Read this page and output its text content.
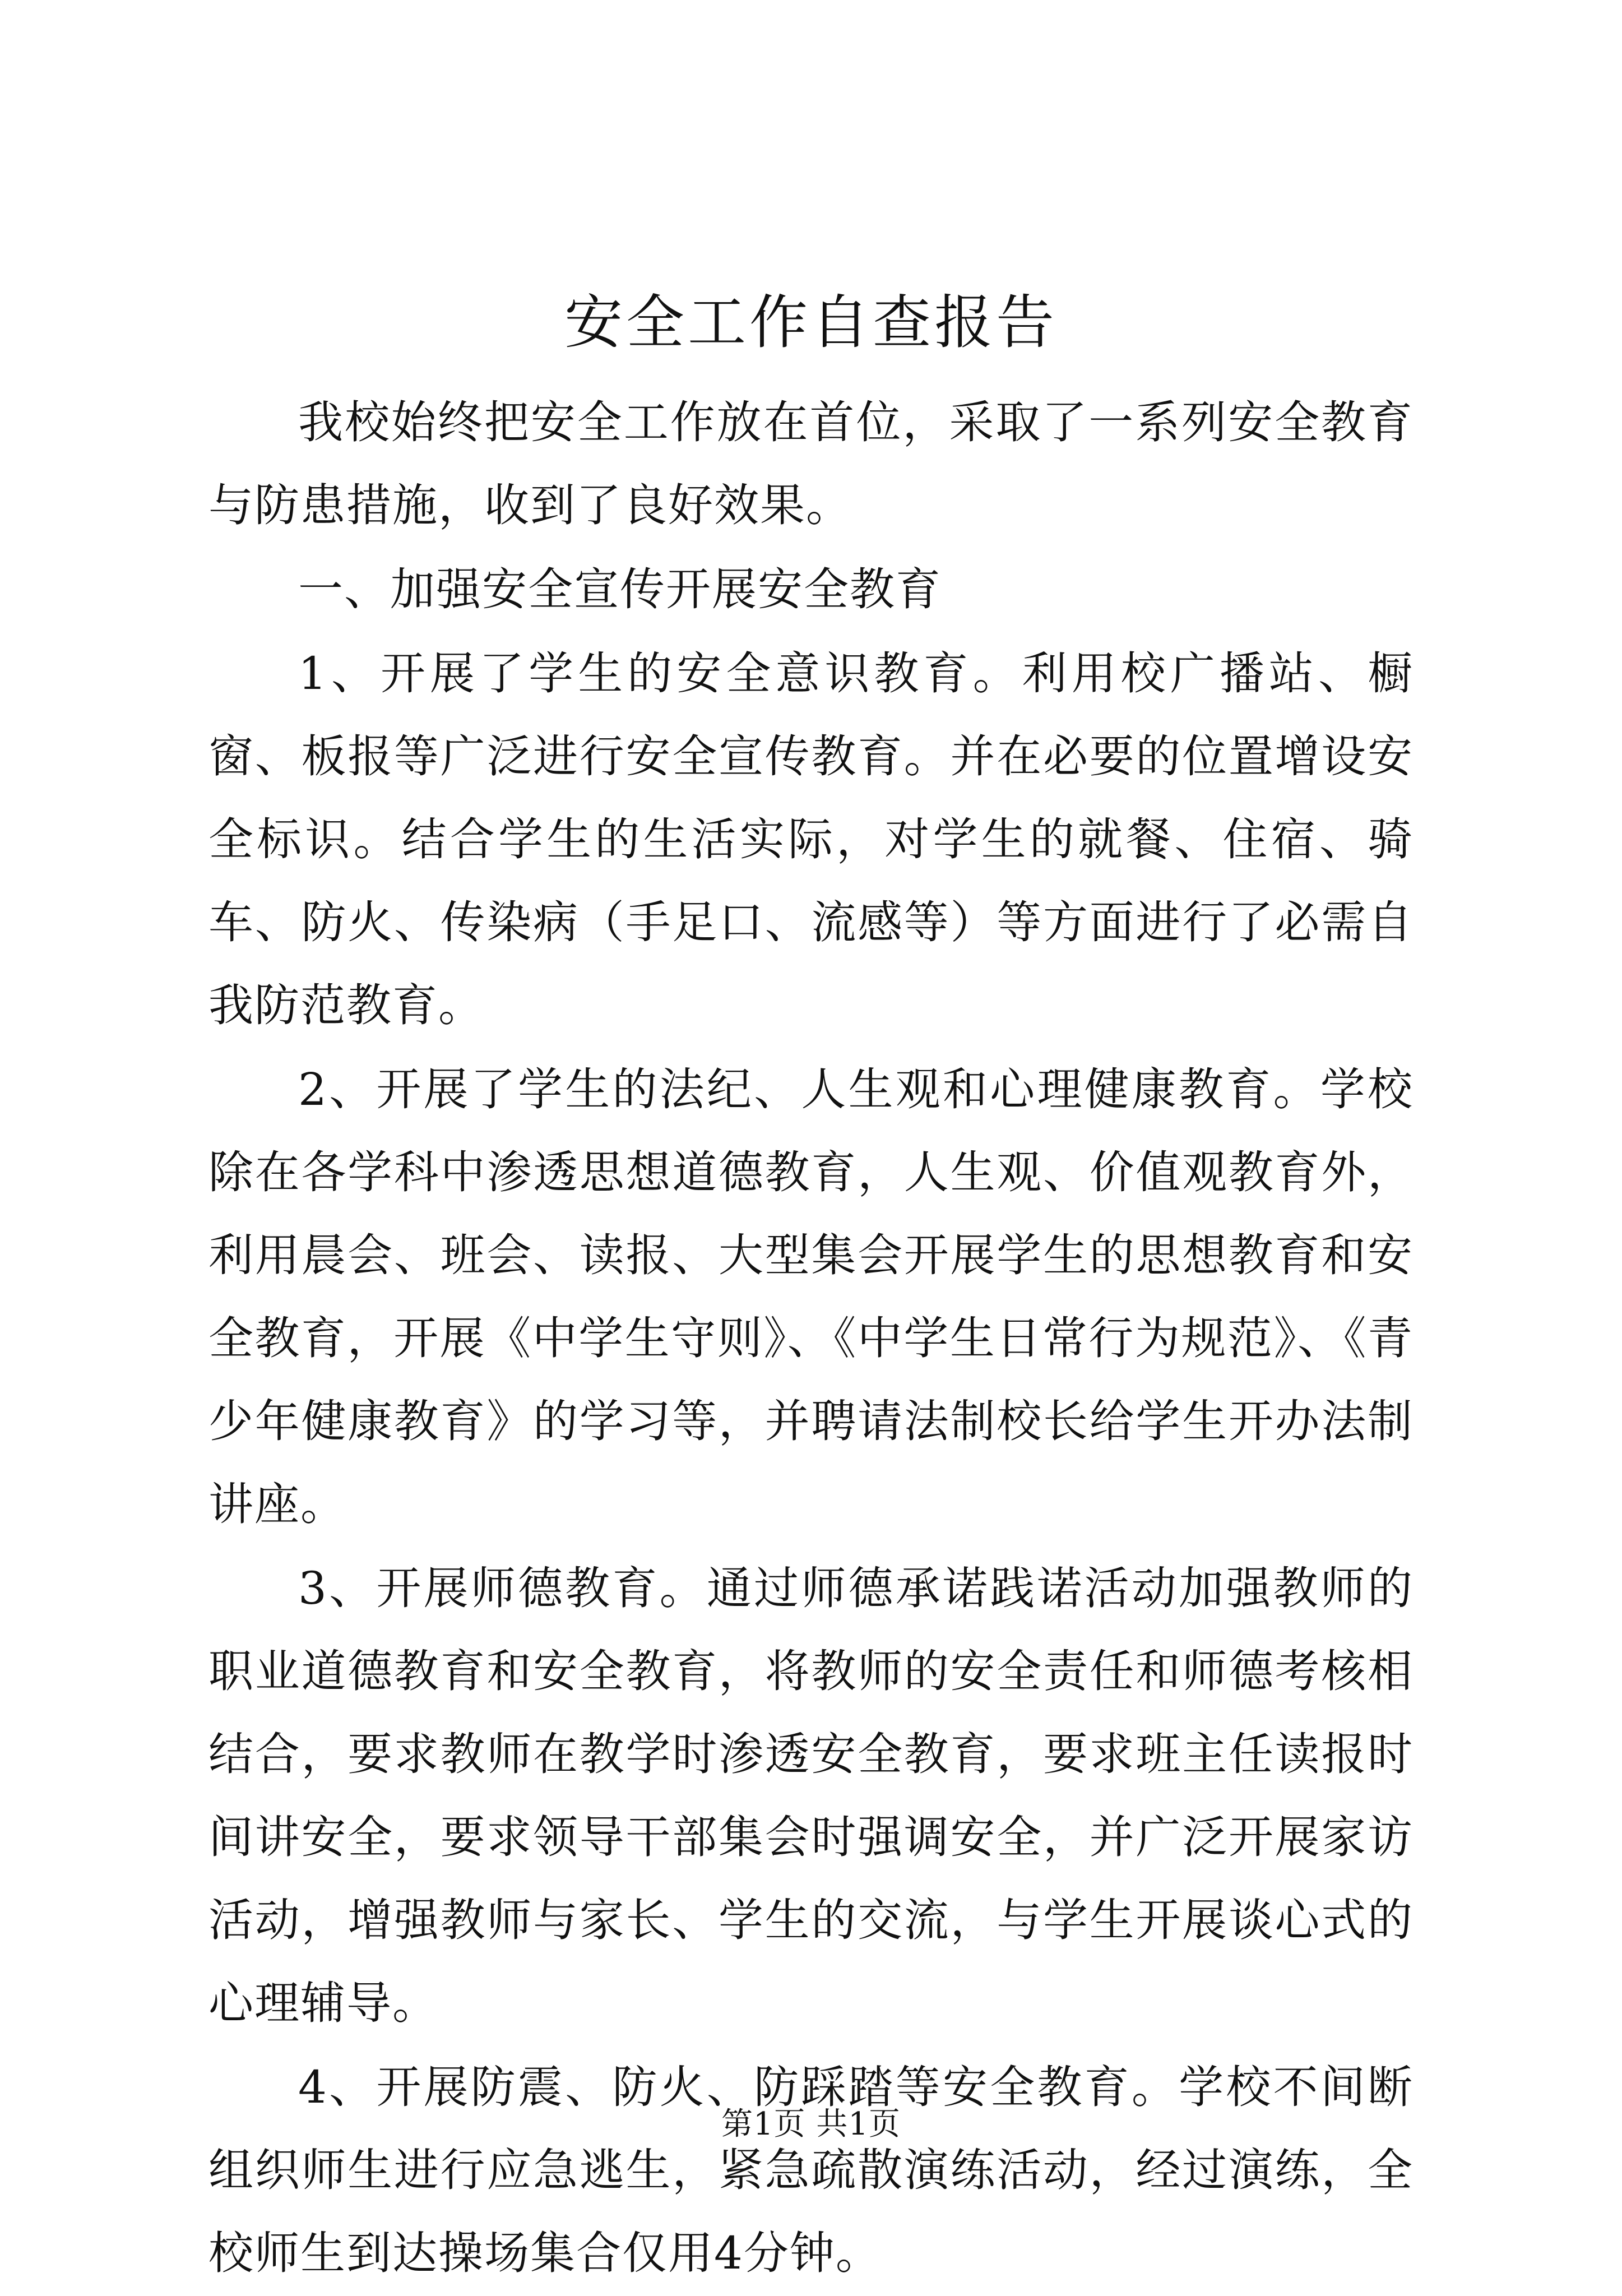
安全工作自查报告

我校始终把安全工作放在首位，采取了一系列安全教育与防患措施，收到了良好效果。

一、加强安全宣传开展安全教育

1、开展了学生的安全意识教育。利用校广播站、橱窗、板报等广泛进行安全宣传教育。并在必要的位置增设安全标识。结合学生的生活实际，对学生的就餐、住宿、骑车、防火、传染病（手足口、流感等）等方面进行了必需自我防范教育。

2、开展了学生的法纪、人生观和心理健康教育。学校除在各学科中渗透思想道德教育，人生观、价值观教育外，利用晨会、班会、读报、大型集会开展学生的思想教育和安全教育，开展《中学生守则》、《中学生日常行为规范》、《青少年健康教育》的学习等，并聘请法制校长给学生开办法制讲座。

3、开展师德教育。通过师德承诺践诺活动加强教师的职业道德教育和安全教育，将教师的安全责任和师德考核相结合，要求教师在教学时渗透安全教育，要求班主任读报时间讲安全，要求领导干部集会时强调安全，并广泛开展家访活动，增强教师与家长、学生的交流，与学生开展谈心式的心理辅导。

4、开展防震、防火、防踩踏等安全教育。学校不间断组织师生进行应急逃生，紧急疏散演练活动，经过演练，全校师生到达操场集合仅用4分钟。

第1页 共1页
